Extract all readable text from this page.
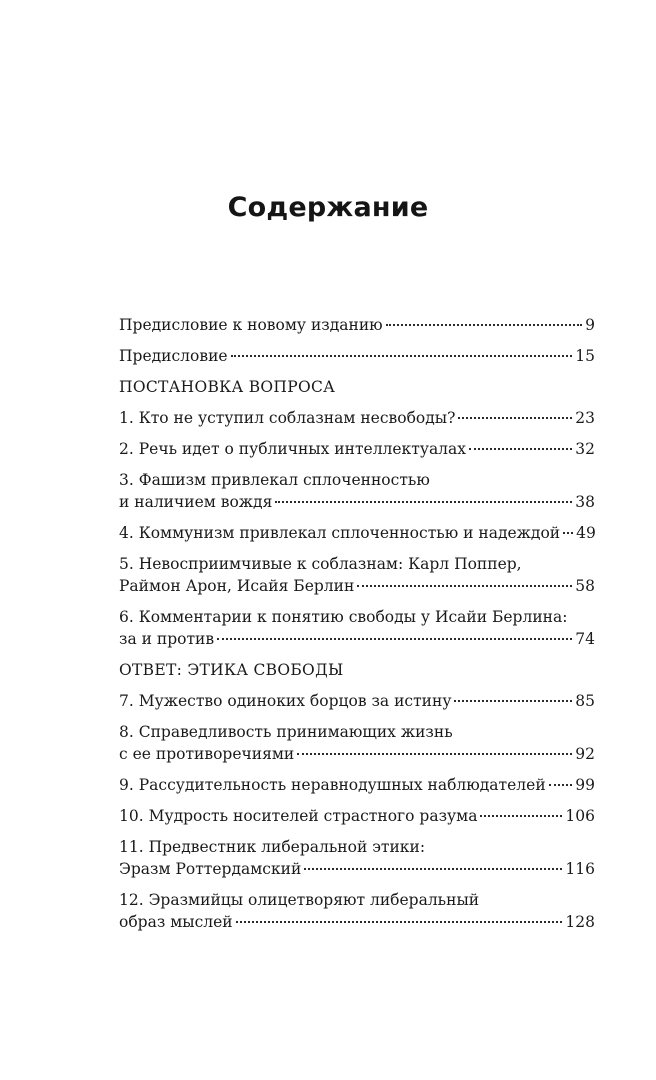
Содержание
Предисловие к новому изданию	9
Предисловие	15
ПОСТАНОВКА ВОПРОСА
1. Кто не уступил соблазнам несвободы?	23
2. Речь идет о публичных интеллектуалах	32
3. Фашизм привлекал сплоченностью
и наличием вождя	38
4. Коммунизм привлекал сплоченностью и надеждой 49
5. Невосприимчивые к соблазнам: Карл Поппер,
Раймон Арон, Исайя Берлин	58
6. Комментарии к понятию свободы у Исайи Берлина:
за и против	74
ОТВЕТ: ЭТИКА СВОБОДЫ
7. Мужество одиноких борцов за истину	85
8. Справедливость принимающих жизнь
с ее противоречиями	92
9. Рассудительность неравнодушных наблюдателей 99
10. Мудрость носителей страстного разума	106
11. Предвестник либеральной этики:
Эразм Роттердамский	116
12. Эразмийцы олицетворяют либеральный
образ мыслей	128
